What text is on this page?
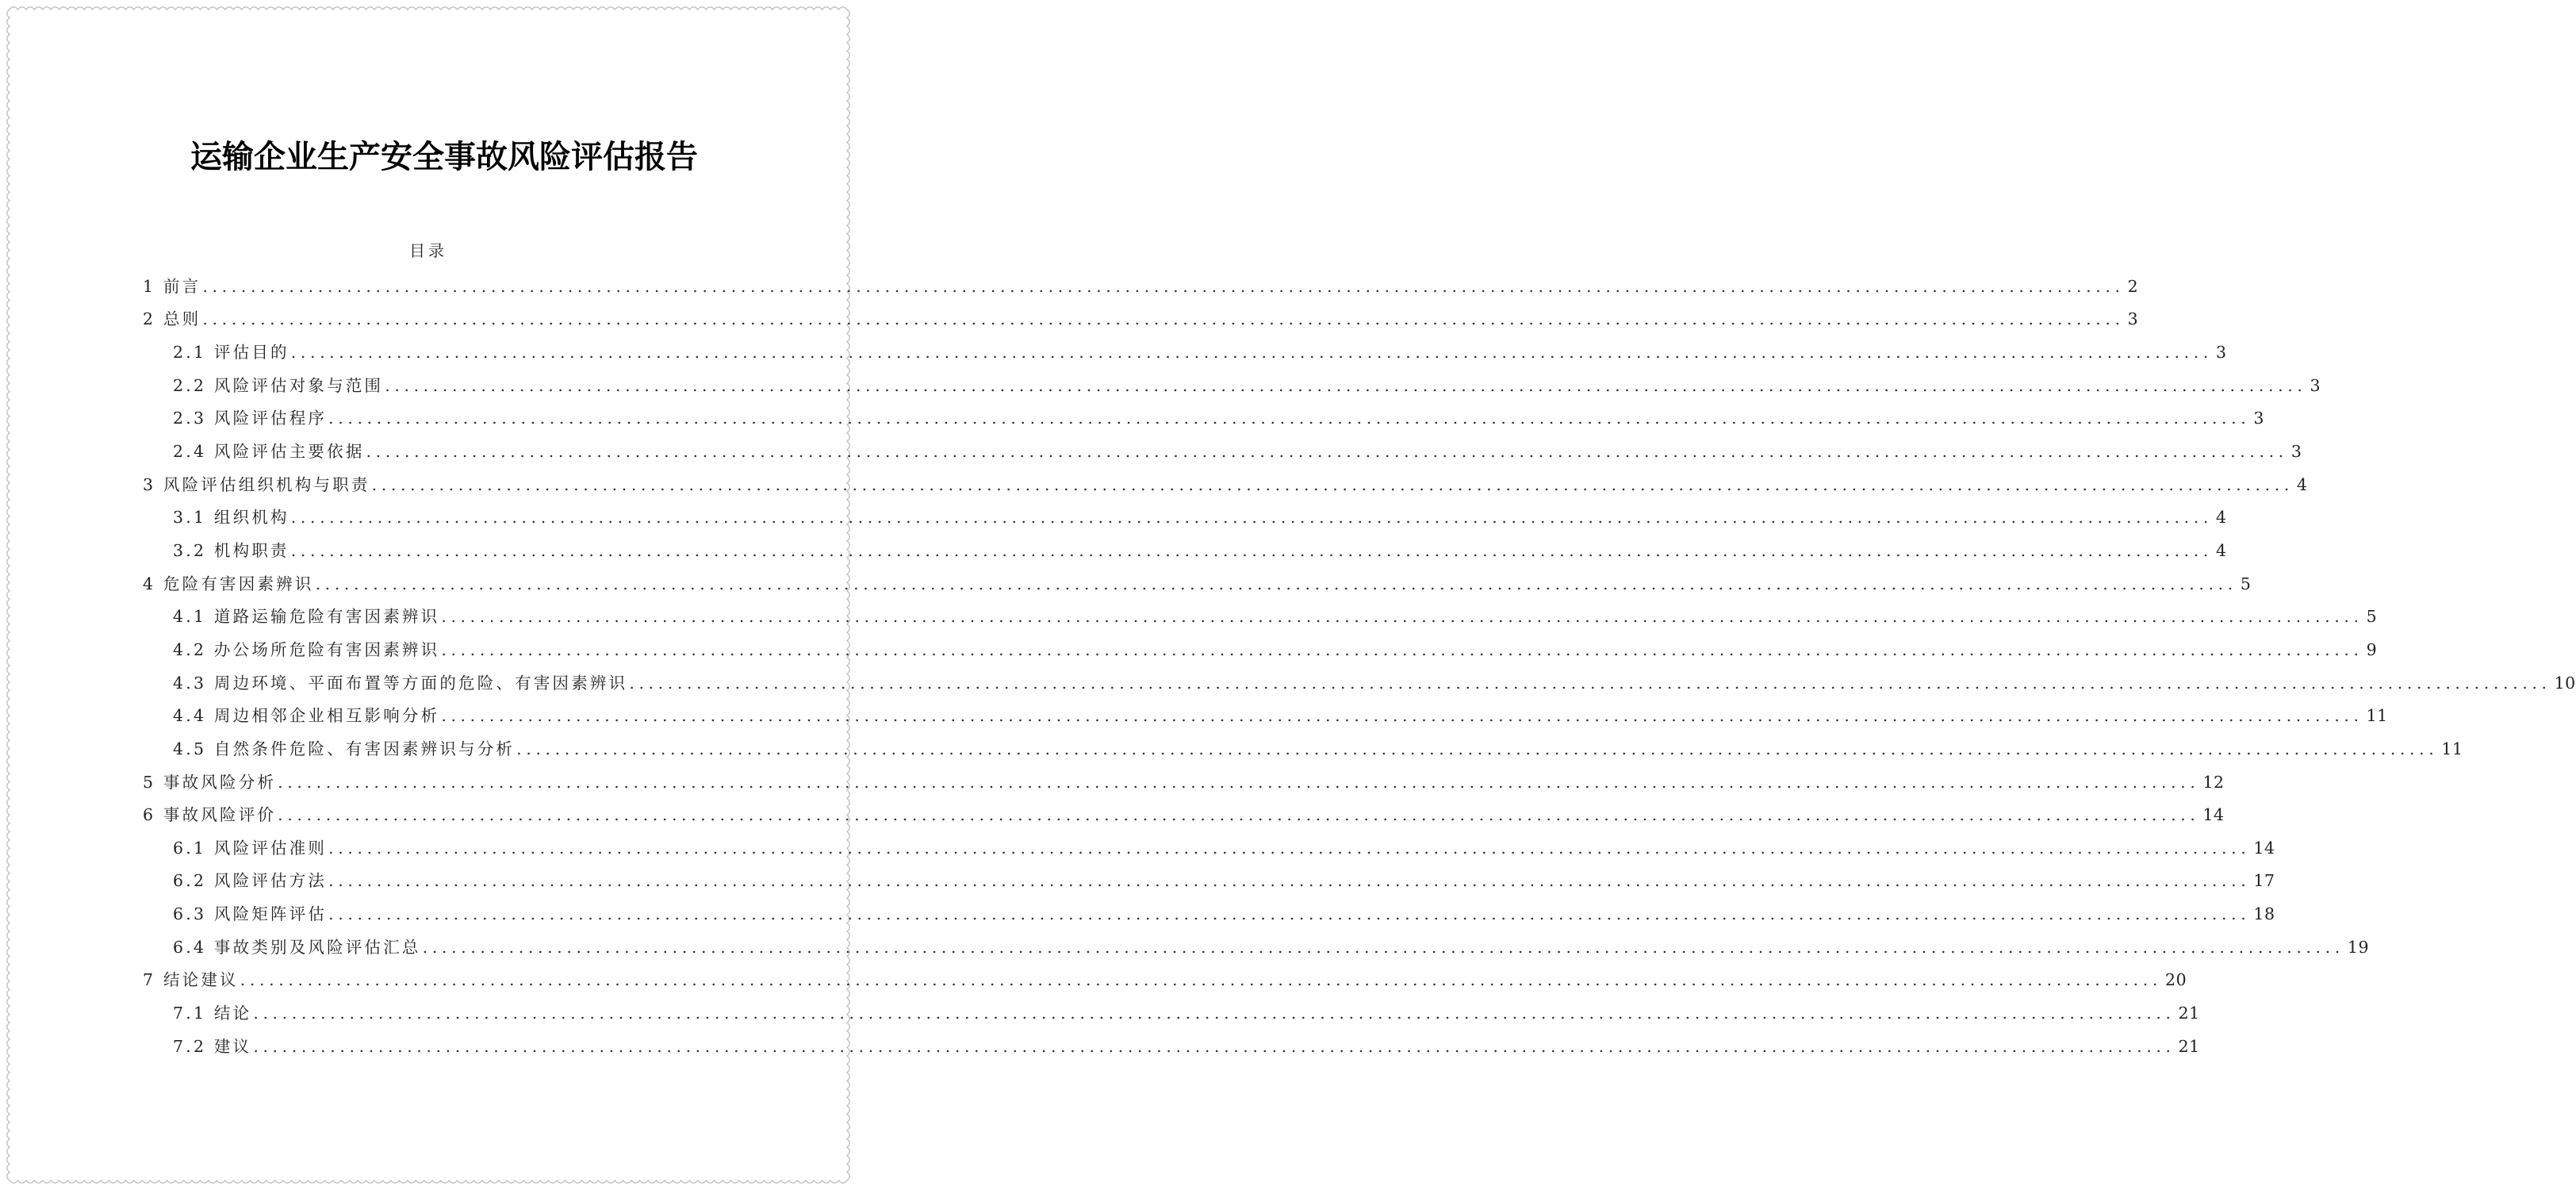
运输企业生产安全事故风险评估报告
目录
1 前言 ........................................................................................................................................................................................................ 2
2 总则 ........................................................................................................................................................................................................ 3
2.1 评估目的 ........................................................................................................................................................................................................ 3
2.2 风险评估对象与范围 ........................................................................................................................................................................................................ 3
2.3 风险评估程序 ........................................................................................................................................................................................................ 3
2.4 风险评估主要依据 ........................................................................................................................................................................................................ 3
3 风险评估组织机构与职责 ........................................................................................................................................................................................................ 4
3.1 组织机构 ........................................................................................................................................................................................................ 4
3.2 机构职责 ........................................................................................................................................................................................................ 4
4 危险有害因素辨识 ........................................................................................................................................................................................................ 5
4.1 道路运输危险有害因素辨识 ........................................................................................................................................................................................................ 5
4.2 办公场所危险有害因素辨识 ........................................................................................................................................................................................................ 9
4.3 周边环境、平面布置等方面的危险、有害因素辨识 ........................................................................................................................................................................................................ 10
4.4 周边相邻企业相互影响分析 ........................................................................................................................................................................................................ 11
4.5 自然条件危险、有害因素辨识与分析 ........................................................................................................................................................................................................ 11
5 事故风险分析 ........................................................................................................................................................................................................ 12
6 事故风险评价 ........................................................................................................................................................................................................ 14
6.1 风险评估准则 ........................................................................................................................................................................................................ 14
6.2 风险评估方法 ........................................................................................................................................................................................................ 17
6.3 风险矩阵评估 ........................................................................................................................................................................................................ 18
6.4 事故类别及风险评估汇总 ........................................................................................................................................................................................................ 19
7 结论建议 ........................................................................................................................................................................................................ 20
7.1 结论 ........................................................................................................................................................................................................ 21
7.2 建议 ........................................................................................................................................................................................................ 21
